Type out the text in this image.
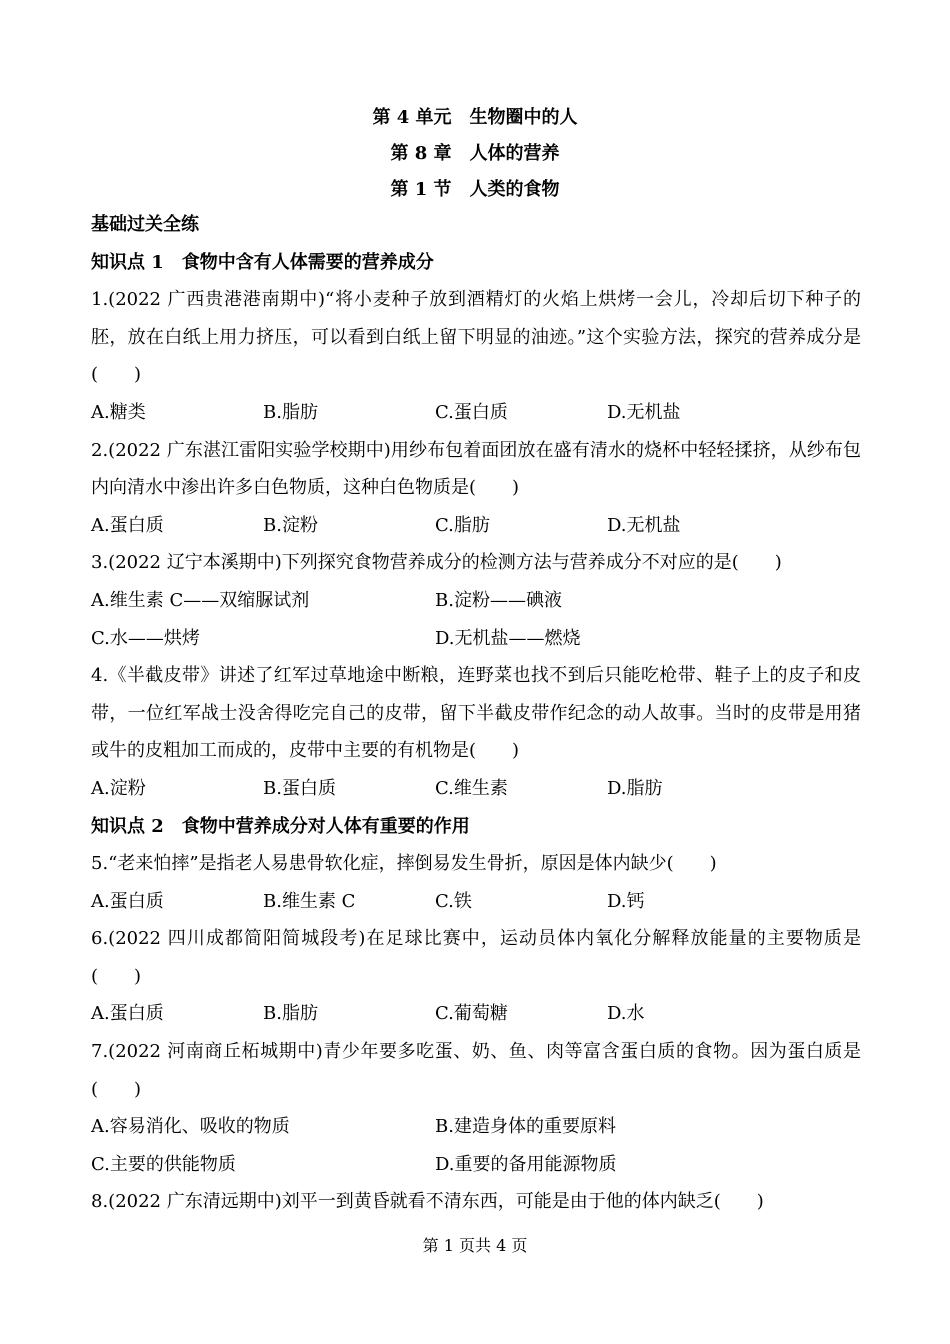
第 4 单元　生物圈中的人

第 8 章　人体的营养

第 1 节　人类的食物

基础过关全练
知识点 1　食物中含有人体需要的营养成分

1.(2022 广西贵港港南期中)“将小麦种子放到酒精灯的火焰上烘烤一会儿，冷却后切下种子的胚，放在白纸上用力挤压，可以看到白纸上留下明显的油迹。”这个实验方法，探究的营养成分是　(　　)

A.糖类	B.脂肪	C.蛋白质	D.无机盐

2.(2022 广东湛江雷阳实验学校期中)用纱布包着面团放在盛有清水的烧杯中轻轻揉挤，从纱布包内向清水中渗出许多白色物质，这种白色物质是(　　)

A.蛋白质	B.淀粉	C.脂肪	D.无机盐

3.(2022 辽宁本溪期中)下列探究食物营养成分的检测方法与营养成分不对应的是(　　)

A.维生素 C——双缩脲试剂	B.淀粉——碘液
C.水——烘烤	D.无机盐——燃烧

4.《半截皮带》讲述了红军过草地途中断粮，连野菜也找不到后只能吃枪带、鞋子上的皮子和皮带，一位红军战士没舍得吃完自己的皮带，留下半截皮带作纪念的动人故事。当时的皮带是用猪或牛的皮粗加工而成的，皮带中主要的有机物是(　　)

A.淀粉	B.蛋白质	C.维生素	D.脂肪
知识点 2　食物中营养成分对人体有重要的作用

5.“老来怕摔”是指老人易患骨软化症，摔倒易发生骨折，原因是体内缺少(　　)

A.蛋白质	B.维生素 C	C.铁	D.钙

6.(2022 四川成都简阳简城段考)在足球比赛中，运动员体内氧化分解释放能量的主要物质是(　　)

A.蛋白质	B.脂肪	C.葡萄糖	D.水

7.(2022 河南商丘柘城期中)青少年要多吃蛋、奶、鱼、肉等富含蛋白质的食物。因为蛋白质是(　　)

A.容易消化、吸收的物质	B.建造身体的重要原料
C.主要的供能物质	D.重要的备用能源物质

8.(2022 广东清远期中)刘平一到黄昏就看不清东西，可能是由于他的体内缺乏(　　)

第 1 页共 4 页
